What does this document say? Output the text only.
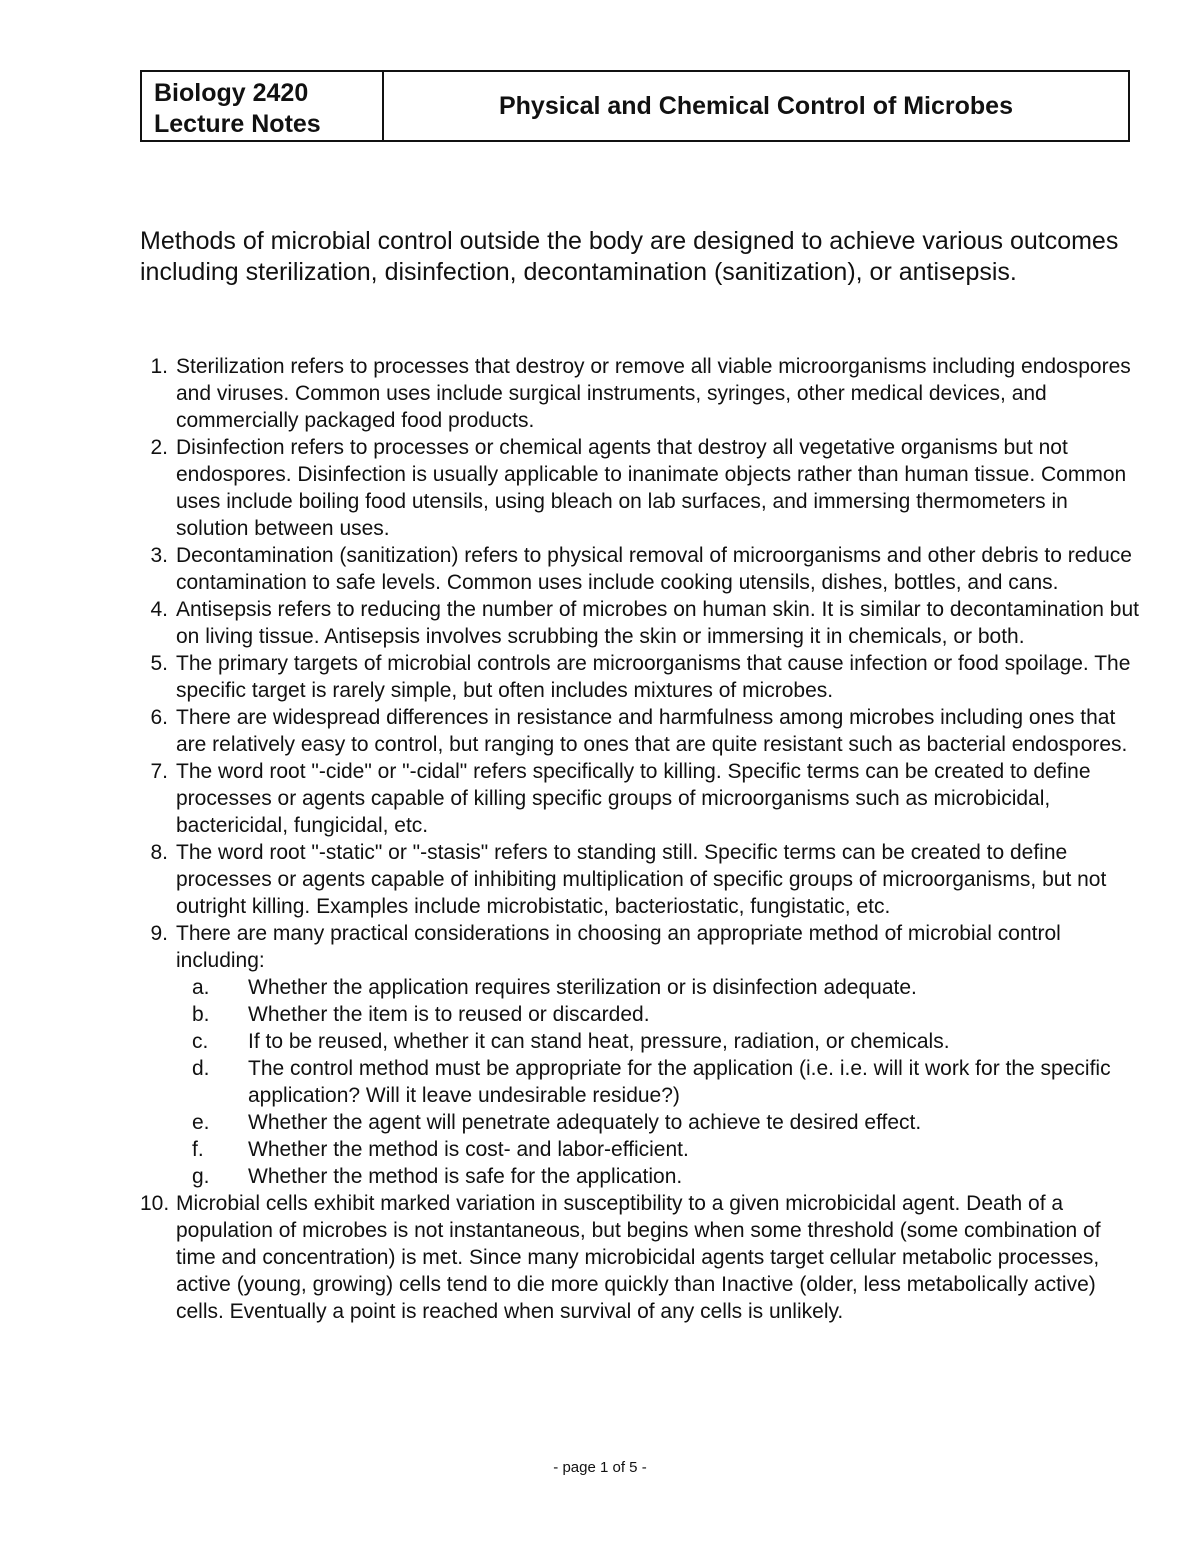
Biology 2420
Lecture Notes
Physical and Chemical Control of Microbes

Methods of microbial control outside the body are designed to achieve various outcomes including sterilization, disinfection, decontamination (sanitization), or antisepsis.

1. Sterilization refers to processes that destroy or remove all viable microorganisms including endospores and viruses. Common uses include surgical instruments, syringes, other medical devices, and commercially packaged food products.
2. Disinfection refers to processes or chemical agents that destroy all vegetative organisms but not endospores. Disinfection is usually applicable to inanimate objects rather than human tissue. Common uses include boiling food utensils, using bleach on lab surfaces, and immersing thermometers in solution between uses.
3. Decontamination (sanitization) refers to physical removal of microorganisms and other debris to reduce contamination to safe levels. Common uses include cooking utensils, dishes, bottles, and cans.
4. Antisepsis refers to reducing the number of microbes on human skin. It is similar to decontamination but on living tissue. Antisepsis involves scrubbing the skin or immersing it in chemicals, or both.
5. The primary targets of microbial controls are microorganisms that cause infection or food spoilage. The specific target is rarely simple, but often includes mixtures of microbes.
6. There are widespread differences in resistance and harmfulness among microbes including ones that are relatively easy to control, but ranging to ones that are quite resistant such as bacterial endospores.
7. The word root "-cide" or "-cidal" refers specifically to killing. Specific terms can be created to define processes or agents capable of killing specific groups of microorganisms such as microbicidal, bactericidal, fungicidal, etc.
8. The word root "-static" or "-stasis" refers to standing still. Specific terms can be created to define processes or agents capable of inhibiting multiplication of specific groups of microorganisms, but not outright killing. Examples include microbistatic, bacteriostatic, fungistatic, etc.
9. There are many practical considerations in choosing an appropriate method of microbial control including:
a. Whether the application requires sterilization or is disinfection adequate.
b. Whether the item is to reused or discarded.
c. If to be reused, whether it can stand heat, pressure, radiation, or chemicals.
d. The control method must be appropriate for the application (i.e. i.e. will it work for the specific application? Will it leave undesirable residue?)
e. Whether the agent will penetrate adequately to achieve te desired effect.
f. Whether the method is cost- and labor-efficient.
g. Whether the method is safe for the application.
10. Microbial cells exhibit marked variation in susceptibility to a given microbicidal agent. Death of a population of microbes is not instantaneous, but begins when some threshold (some combination of time and concentration) is met. Since many microbicidal agents target cellular metabolic processes, active (young, growing) cells tend to die more quickly than Inactive (older, less metabolically active) cells. Eventually a point is reached when survival of any cells is unlikely.
- page 1 of 5 -
